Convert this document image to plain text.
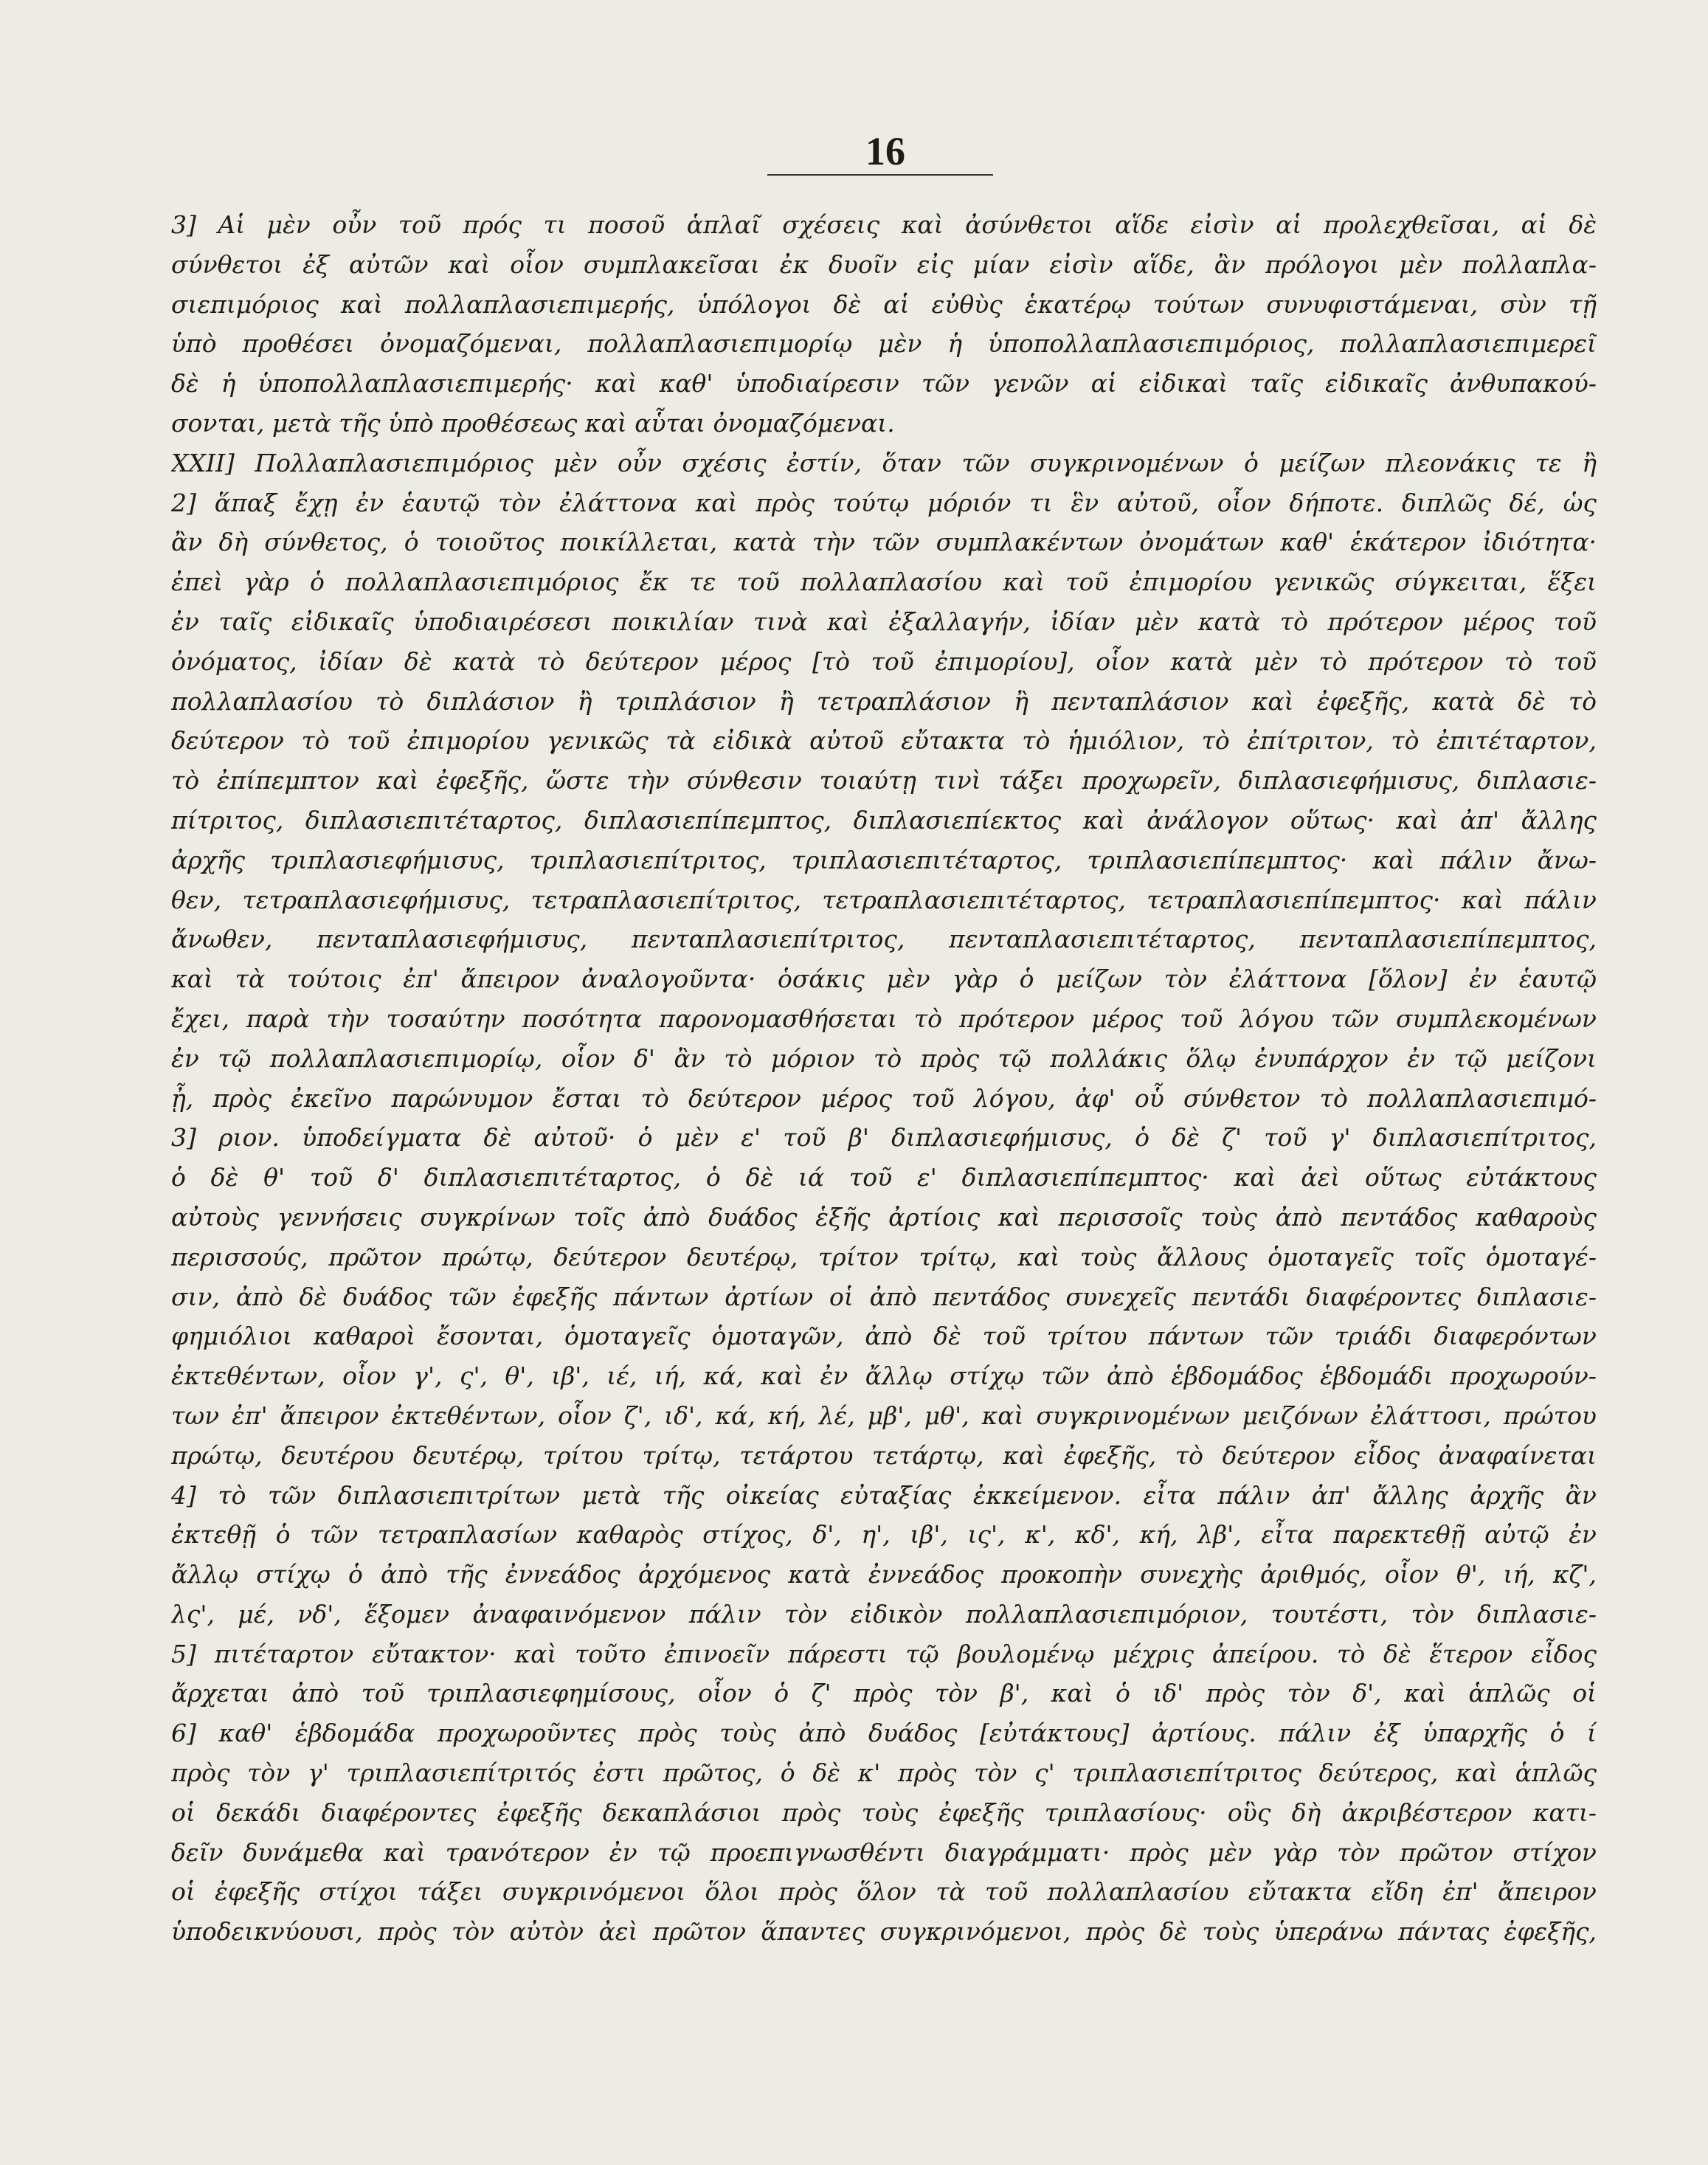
16
3] Αἱ μὲν οὖν τοῦ πρός τι ποσοῦ ἁπλαῖ σχέσεις καὶ ἀσύνθετοι αἵδε εἰσὶν αἱ προλεχθεῖσαι, αἱ δὲ
σύνθετοι ἐξ αὐτῶν καὶ οἷον συμπλακεῖσαι ἐκ δυοῖν εἰς μίαν εἰσὶν αἵδε, ἂν πρόλογοι μὲν πολλαπλα-
σιεπιμόριος καὶ πολλαπλασιεπιμερής, ὑπόλογοι δὲ αἱ εὐθὺς ἑκατέρῳ τούτων συνυφιστάμεναι, σὺν τῇ
ὑπὸ προθέσει ὀνομαζόμεναι, πολλαπλασιεπιμορίῳ μὲν ἡ ὑποπολλαπλασιεπιμόριος, πολλαπλασιεπιμερεῖ
δὲ ἡ ὑποπολλαπλασιεπιμερής· καὶ καθ' ὑποδιαίρεσιν τῶν γενῶν αἱ εἰδικαὶ ταῖς εἰδικαῖς ἀνθυπακού-
σονται, μετὰ τῆς ὑπὸ προθέσεως καὶ αὗται ὀνομαζόμεναι.
XXII] Πολλαπλασιεπιμόριος μὲν οὖν σχέσις ἐστίν, ὅταν τῶν συγκρινομένων ὁ μείζων πλεονάκις τε ἢ
2] ἅπαξ ἔχῃ ἐν ἑαυτῷ τὸν ἐλάττονα καὶ πρὸς τούτῳ μόριόν τι ἓν αὐτοῦ, οἷον δήποτε. διπλῶς δέ, ὡς
ἂν δὴ σύνθετος, ὁ τοιοῦτος ποικίλλεται, κατὰ τὴν τῶν συμπλακέντων ὀνομάτων καθ' ἑκάτερον ἰδιότητα·
ἐπεὶ γὰρ ὁ πολλαπλασιεπιμόριος ἔκ τε τοῦ πολλαπλασίου καὶ τοῦ ἐπιμορίου γενικῶς σύγκειται, ἕξει
ἐν ταῖς εἰδικαῖς ὑποδιαιρέσεσι ποικιλίαν τινὰ καὶ ἐξαλλαγήν, ἰδίαν μὲν κατὰ τὸ πρότερον μέρος τοῦ
ὀνόματος, ἰδίαν δὲ κατὰ τὸ δεύτερον μέρος [τὸ τοῦ ἐπιμορίου], οἷον κατὰ μὲν τὸ πρότερον τὸ τοῦ
πολλαπλασίου τὸ διπλάσιον ἢ τριπλάσιον ἢ τετραπλάσιον ἢ πενταπλάσιον καὶ ἐφεξῆς, κατὰ δὲ τὸ
δεύτερον τὸ τοῦ ἐπιμορίου γενικῶς τὰ εἰδικὰ αὐτοῦ εὔτακτα τὸ ἡμιόλιον, τὸ ἐπίτριτον, τὸ ἐπιτέταρτον,
τὸ ἐπίπεμπτον καὶ ἐφεξῆς, ὥστε τὴν σύνθεσιν τοιαύτῃ τινὶ τάξει προχωρεῖν, διπλασιεφήμισυς, διπλασιε-
πίτριτος, διπλασιεπιτέταρτος, διπλασιεπίπεμπτος, διπλασιεπίεκτος καὶ ἀνάλογον οὕτως· καὶ ἀπ' ἄλλης
ἀρχῆς τριπλασιεφήμισυς, τριπλασιεπίτριτος, τριπλασιεπιτέταρτος, τριπλασιεπίπεμπτος· καὶ πάλιν ἄνω-
θεν, τετραπλασιεφήμισυς, τετραπλασιεπίτριτος, τετραπλασιεπιτέταρτος, τετραπλασιεπίπεμπτος· καὶ πάλιν
ἄνωθεν, πενταπλασιεφήμισυς, πενταπλασιεπίτριτος, πενταπλασιεπιτέταρτος, πενταπλασιεπίπεμπτος,
καὶ τὰ τούτοις ἐπ' ἄπειρον ἀναλογοῦντα· ὁσάκις μὲν γὰρ ὁ μείζων τὸν ἐλάττονα [ὅλον] ἐν ἑαυτῷ
ἔχει, παρὰ τὴν τοσαύτην ποσότητα παρονομασθήσεται τὸ πρότερον μέρος τοῦ λόγου τῶν συμπλεκομένων
ἐν τῷ πολλαπλασιεπιμορίῳ, οἷον δ' ἂν τὸ μόριον τὸ πρὸς τῷ πολλάκις ὅλῳ ἐνυπάρχον ἐν τῷ μείζονι
ᾖ, πρὸς ἐκεῖνο παρώνυμον ἔσται τὸ δεύτερον μέρος τοῦ λόγου, ἀφ' οὗ σύνθετον τὸ πολλαπλασιεπιμό-
3] ριον. ὑποδείγματα δὲ αὐτοῦ· ὁ μὲν ε' τοῦ β' διπλασιεφήμισυς, ὁ δὲ ζ' τοῦ γ' διπλασιεπίτριτος,
ὁ δὲ θ' τοῦ δ' διπλασιεπιτέταρτος, ὁ δὲ ιά τοῦ ε' διπλασιεπίπεμπτος· καὶ ἀεὶ οὕτως εὐτάκτους
αὐτοὺς γεννήσεις συγκρίνων τοῖς ἀπὸ δυάδος ἑξῆς ἀρτίοις καὶ περισσοῖς τοὺς ἀπὸ πεντάδος καθαροὺς
περισσούς, πρῶτον πρώτῳ, δεύτερον δευτέρῳ, τρίτον τρίτῳ, καὶ τοὺς ἄλλους ὁμοταγεῖς τοῖς ὁμοταγέ-
σιν, ἀπὸ δὲ δυάδος τῶν ἐφεξῆς πάντων ἀρτίων οἱ ἀπὸ πεντάδος συνεχεῖς πεντάδι διαφέροντες διπλασιε-
φημιόλιοι καθαροὶ ἔσονται, ὁμοταγεῖς ὁμοταγῶν, ἀπὸ δὲ τοῦ τρίτου πάντων τῶν τριάδι διαφερόντων
ἐκτεθέντων, οἷον γ', ς', θ', ιβ', ιέ, ιή, κά, καὶ ἐν ἄλλῳ στίχῳ τῶν ἀπὸ ἑβδομάδος ἑβδομάδι προχωρούν-
των ἐπ' ἄπειρον ἐκτεθέντων, οἷον ζ', ιδ', κά, κή, λέ, μβ', μθ', καὶ συγκρινομένων μειζόνων ἐλάττοσι, πρώτου
πρώτῳ, δευτέρου δευτέρῳ, τρίτου τρίτῳ, τετάρτου τετάρτῳ, καὶ ἐφεξῆς, τὸ δεύτερον εἶδος ἀναφαίνεται
4] τὸ τῶν διπλασιεπιτρίτων μετὰ τῆς οἰκείας εὐταξίας ἐκκείμενον. εἶτα πάλιν ἀπ' ἄλλης ἀρχῆς ἂν
ἐκτεθῇ ὁ τῶν τετραπλασίων καθαρὸς στίχος, δ', η', ιβ', ις', κ', κδ', κή, λβ', εἶτα παρεκτεθῇ αὐτῷ ἐν
ἄλλῳ στίχῳ ὁ ἀπὸ τῆς ἐννεάδος ἀρχόμενος κατὰ ἐννεάδος προκοπὴν συνεχὴς ἀριθμός, οἷον θ', ιή, κζ',
λς', μέ, νδ', ἕξομεν ἀναφαινόμενον πάλιν τὸν εἰδικὸν πολλαπλασιεπιμόριον, τουτέστι, τὸν διπλασιε-
5] πιτέταρτον εὔτακτον· καὶ τοῦτο ἐπινοεῖν πάρεστι τῷ βουλομένῳ μέχρις ἀπείρου. τὸ δὲ ἕτερον εἶδος
ἄρχεται ἀπὸ τοῦ τριπλασιεφημίσους, οἷον ὁ ζ' πρὸς τὸν β', καὶ ὁ ιδ' πρὸς τὸν δ', καὶ ἁπλῶς οἱ
6] καθ' ἑβδομάδα προχωροῦντες πρὸς τοὺς ἀπὸ δυάδος [εὐτάκτους] ἀρτίους. πάλιν ἐξ ὑπαρχῆς ὁ ί
πρὸς τὸν γ' τριπλασιεπίτριτός ἐστι πρῶτος, ὁ δὲ κ' πρὸς τὸν ς' τριπλασιεπίτριτος δεύτερος, καὶ ἁπλῶς
οἱ δεκάδι διαφέροντες ἐφεξῆς δεκαπλάσιοι πρὸς τοὺς ἐφεξῆς τριπλασίους· οὓς δὴ ἀκριβέστερον κατι-
δεῖν δυνάμεθα καὶ τρανότερον ἐν τῷ προεπιγνωσθέντι διαγράμματι· πρὸς μὲν γὰρ τὸν πρῶτον στίχον
οἱ ἐφεξῆς στίχοι τάξει συγκρινόμενοι ὅλοι πρὸς ὅλον τὰ τοῦ πολλαπλασίου εὔτακτα εἴδη ἐπ' ἄπειρον
ὑποδεικνύουσι, πρὸς τὸν αὐτὸν ἀεὶ πρῶτον ἅπαντες συγκρινόμενοι, πρὸς δὲ τοὺς ὑπεράνω πάντας ἐφεξῆς,
